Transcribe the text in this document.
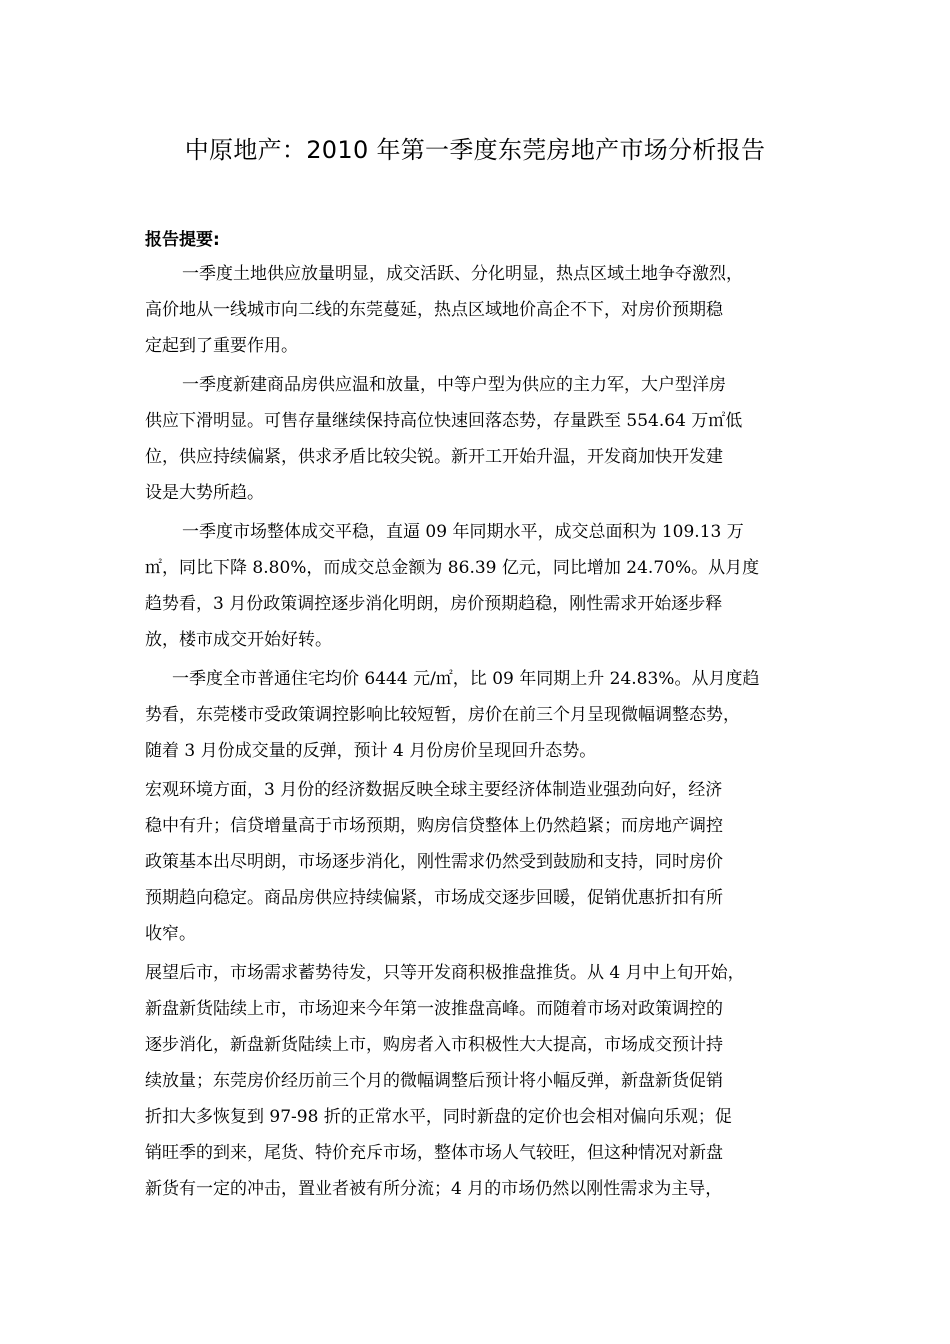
中原地产：2010 年第一季度东莞房地产市场分析报告
报告提要:
一季度土地供应放量明显，成交活跃、分化明显，热点区域土地争夺激烈，
高价地从一线城市向二线的东莞蔓延，热点区域地价高企不下，对房价预期稳
定起到了重要作用。
一季度新建商品房供应温和放量，中等户型为供应的主力军，大户型洋房
供应下滑明显。可售存量继续保持高位快速回落态势，存量跌至 554.64 万㎡低
位，供应持续偏紧，供求矛盾比较尖锐。新开工开始升温，开发商加快开发建
设是大势所趋。
一季度市场整体成交平稳，直逼 09 年同期水平，成交总面积为 109.13 万
㎡，同比下降 8.80%，而成交总金额为 86.39 亿元，同比增加 24.70%。从月度
趋势看，3 月份政策调控逐步消化明朗，房价预期趋稳，刚性需求开始逐步释
放，楼市成交开始好转。
一季度全市普通住宅均价 6444 元/㎡，比 09 年同期上升 24.83%。从月度趋
势看，东莞楼市受政策调控影响比较短暂，房价在前三个月呈现微幅调整态势，
随着 3 月份成交量的反弹，预计 4 月份房价呈现回升态势。
宏观环境方面，3 月份的经济数据反映全球主要经济体制造业强劲向好，经济
稳中有升；信贷增量高于市场预期，购房信贷整体上仍然趋紧；而房地产调控
政策基本出尽明朗，市场逐步消化，刚性需求仍然受到鼓励和支持，同时房价
预期趋向稳定。商品房供应持续偏紧，市场成交逐步回暖，促销优惠折扣有所
收窄。
展望后市，市场需求蓄势待发，只等开发商积极推盘推货。从 4 月中上旬开始，
新盘新货陆续上市，市场迎来今年第一波推盘高峰。而随着市场对政策调控的
逐步消化，新盘新货陆续上市，购房者入市积极性大大提高，市场成交预计持
续放量；东莞房价经历前三个月的微幅调整后预计将小幅反弹，新盘新货促销
折扣大多恢复到 97-98 折的正常水平，同时新盘的定价也会相对偏向乐观；促
销旺季的到来，尾货、特价充斥市场，整体市场人气较旺，但这种情况对新盘
新货有一定的冲击，置业者被有所分流；4 月的市场仍然以刚性需求为主导，
